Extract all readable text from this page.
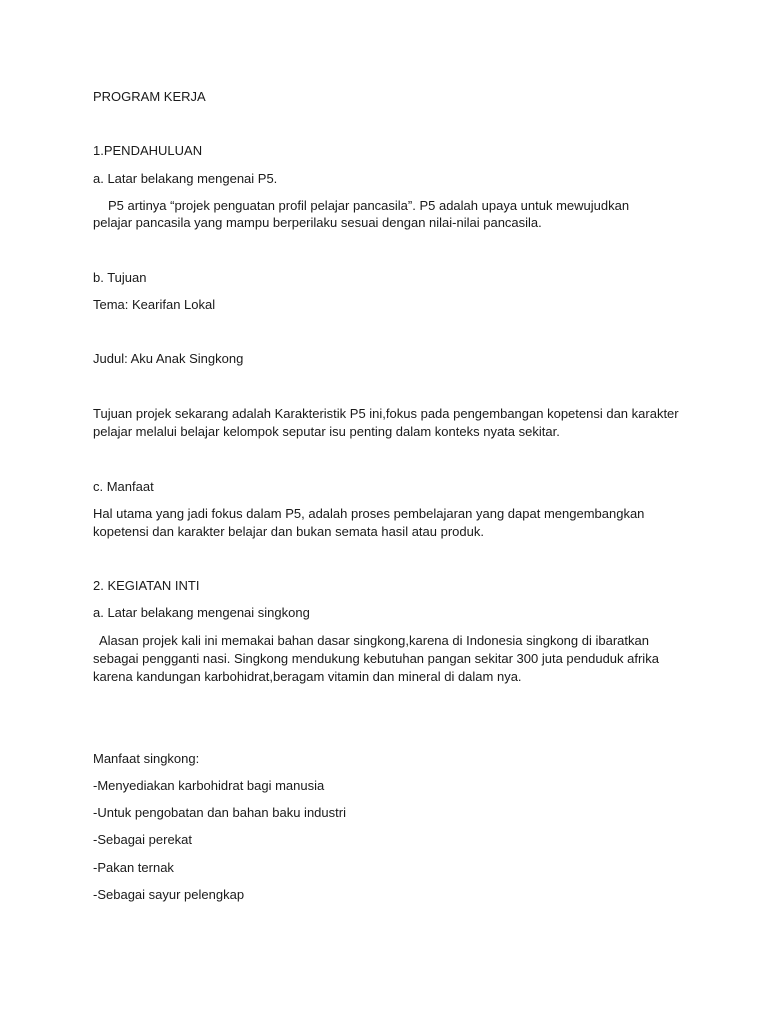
PROGRAM KERJA

1.PENDAHULUAN

a. Latar belakang mengenai P5.

P5 artinya “projek penguatan profil pelajar pancasila”. P5 adalah upaya untuk mewujudkan

pelajar pancasila yang mampu berperilaku sesuai dengan nilai-nilai pancasila.

b. Tujuan

Tema: Kearifan Lokal

Judul: Aku Anak Singkong

Tujuan projek sekarang adalah Karakteristik P5 ini,fokus pada pengembangan kopetensi dan karakter

pelajar melalui belajar kelompok seputar isu penting dalam konteks nyata sekitar.

c. Manfaat

Hal utama yang jadi fokus dalam P5, adalah proses pembelajaran yang dapat mengembangkan

kopetensi dan karakter belajar dan bukan semata hasil atau produk.

2. KEGIATAN INTI

a. Latar belakang mengenai singkong

Alasan projek kali ini memakai bahan dasar singkong,karena di Indonesia singkong di ibaratkan

sebagai pengganti nasi. Singkong mendukung kebutuhan pangan sekitar 300 juta penduduk afrika

karena kandungan karbohidrat,beragam vitamin dan mineral di dalam nya.

Manfaat singkong:

-Menyediakan karbohidrat bagi manusia

-Untuk pengobatan dan bahan baku industri

-Sebagai perekat

-Pakan ternak

-Sebagai sayur pelengkap
